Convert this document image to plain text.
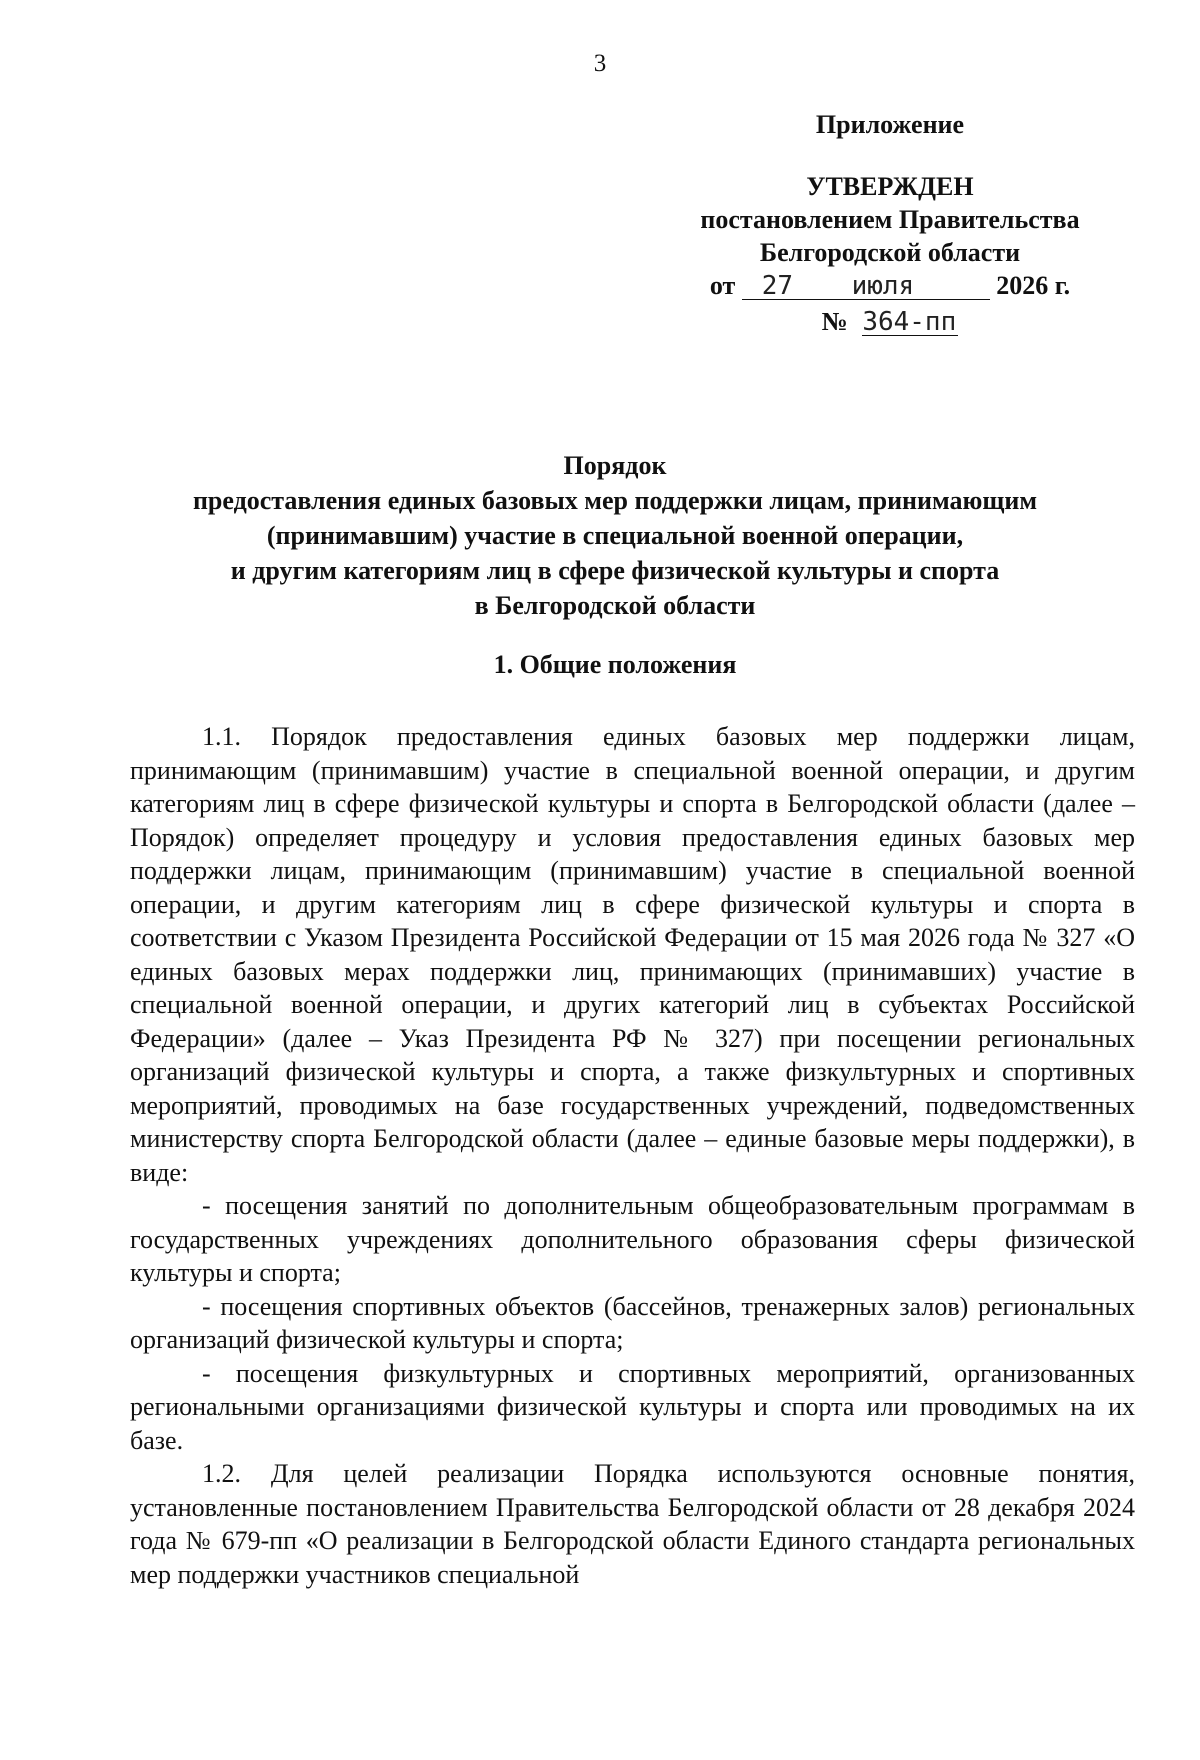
3
Приложение
УТВЕРЖДЕН
постановлением Правительства
Белгородской области
от 27 июля	2026 г.
№ 364-пп
Порядок
предоставления единых базовых мер поддержки лицам, принимающим
(принимавшим) участие в специальной военной операции,
и другим категориям лиц в сфере физической культуры и спорта
в Белгородской области
1. Общие положения

1.1. Порядок предоставления единых базовых мер поддержки лицам, принимающим (принимавшим) участие в специальной военной операции, и другим категориям лиц в сфере физической культуры и спорта в Белгородской области (далее – Порядок) определяет процедуру и условия предоставления единых базовых мер поддержки лицам, принимающим (принимавшим) участие в специальной военной операции, и другим категориям лиц в сфере физической культуры и спорта в соответствии с Указом Президента Российской Федерации от 15 мая 2026 года № 327 «О единых базовых мерах поддержки лиц, принимающих (принимавших) участие в специальной военной операции, и других категорий лиц в субъектах Российской Федерации» (далее – Указ Президента РФ № 327) при посещении региональных организаций физической культуры и спорта, а также физкультурных и спортивных мероприятий, проводимых на базе государственных учреждений, подведомственных министерству спорта Белгородской области (далее – единые базовые меры поддержки), в виде:

- посещения занятий по дополнительным общеобразовательным программам в государственных учреждениях дополнительного образования сферы физической культуры и спорта;

- посещения спортивных объектов (бассейнов, тренажерных залов) региональных организаций физической культуры и спорта;

- посещения физкультурных и спортивных мероприятий, организованных региональными организациями физической культуры и спорта или проводимых на их базе.

1.2. Для целей реализации Порядка используются основные понятия, установленные постановлением Правительства Белгородской области от 28 декабря 2024 года № 679-пп «О реализации в Белгородской области Единого стандарта региональных мер поддержки участников специальной
